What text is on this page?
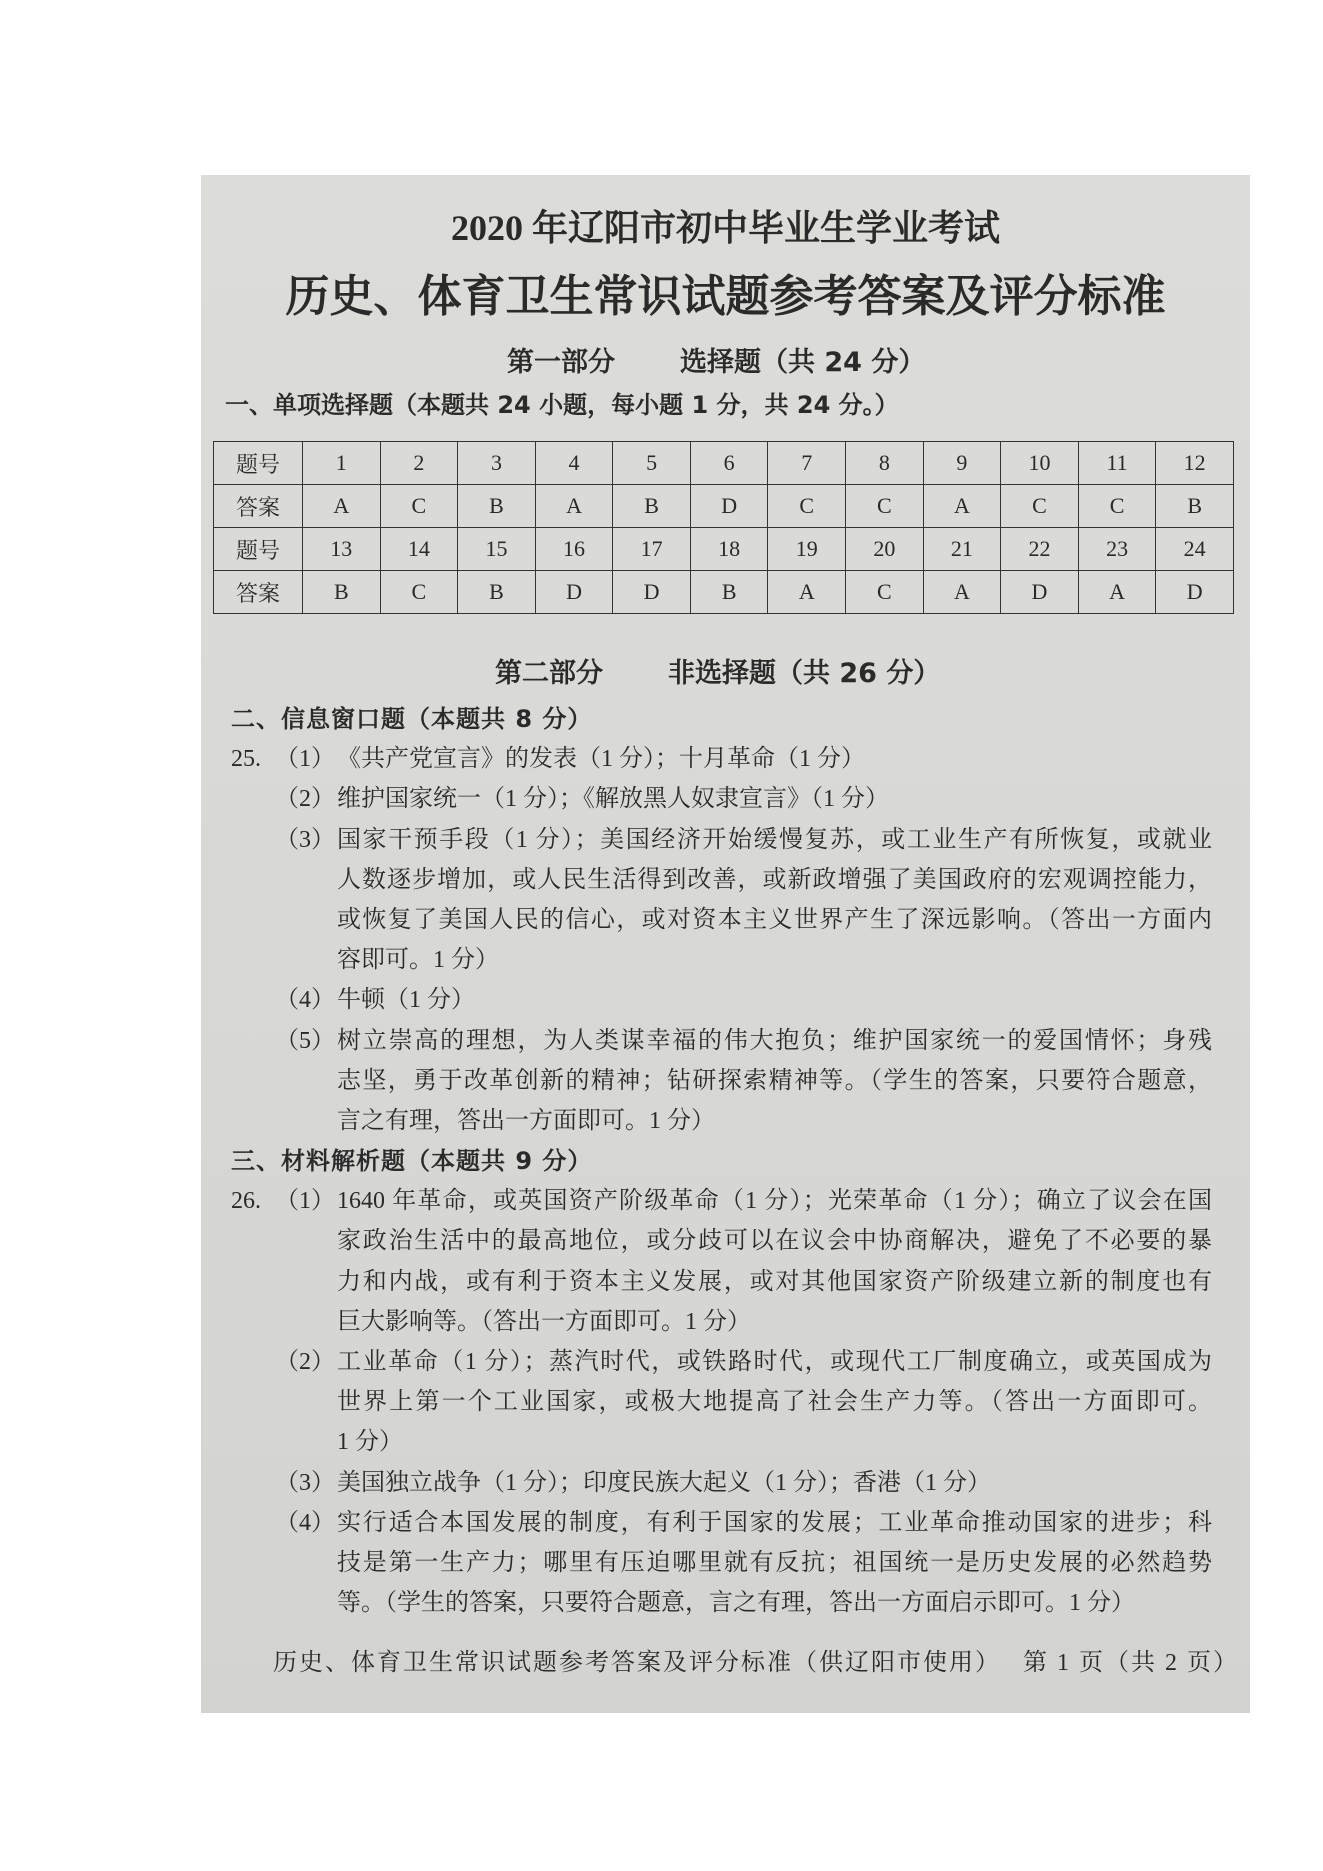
2020 年辽阳市初中毕业生学业考试
历史、体育卫生常识试题参考答案及评分标准
第一部分 选择题（共 24 分）
一、单项选择题（本题共 24 小题，每小题 1 分，共 24 分。）
题号	1	2	3	4	5	6	7	8	9	10	11	12
答案	A	C	B	A	B	D	C	C	A	C	C	B
题号	13	14	15	16	17	18	19	20	21	22	23	24
答案	B	C	B	D	D	B	A	C	A	D	A	D
第二部分 非选择题（共 26 分）
二、信息窗口题（本题共 8 分）
25. （1） 《共产党宣言》的发表（1 分）；十月革命（1 分）
（2） 维护国家统一（1 分）；《解放黑人奴隶宣言》（1 分）
（3） 国家干预手段（1 分）；美国经济开始缓慢复苏，或工业生产有所恢复，或就业
人数逐步增加，或人民生活得到改善，或新政增强了美国政府的宏观调控能力，
或恢复了美国人民的信心，或对资本主义世界产生了深远影响。（答出一方面内
容即可。1 分）
（4） 牛顿（1 分）
（5） 树立崇高的理想，为人类谋幸福的伟大抱负；维护国家统一的爱国情怀；身残
志坚，勇于改革创新的精神；钻研探索精神等。（学生的答案，只要符合题意，
言之有理，答出一方面即可。1 分）
三、材料解析题（本题共 9 分）
26. （1） 1640 年革命，或英国资产阶级革命（1 分）；光荣革命（1 分）；确立了议会在国
家政治生活中的最高地位，或分歧可以在议会中协商解决，避免了不必要的暴
力和内战，或有利于资本主义发展，或对其他国家资产阶级建立新的制度也有
巨大影响等。（答出一方面即可。1 分）
（2） 工业革命（1 分）；蒸汽时代，或铁路时代，或现代工厂制度确立，或英国成为
世界上第一个工业国家，或极大地提高了社会生产力等。（答出一方面即可。
1 分）
（3） 美国独立战争（1 分）；印度民族大起义（1 分）；香港（1 分）
（4） 实行适合本国发展的制度，有利于国家的发展；工业革命推动国家的进步；科
技是第一生产力；哪里有压迫哪里就有反抗；祖国统一是历史发展的必然趋势
等。（学生的答案，只要符合题意，言之有理，答出一方面启示即可。1 分）
历史、体育卫生常识试题参考答案及评分标准（供辽阳市使用） 第 1 页（共 2 页）
